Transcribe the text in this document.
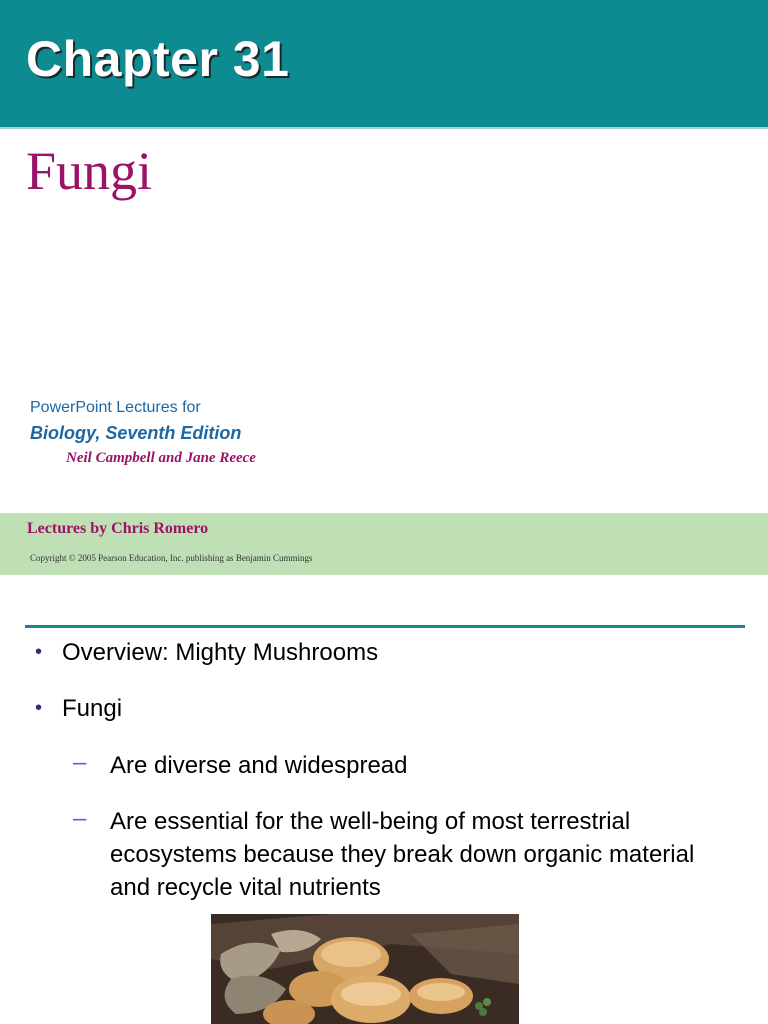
Chapter 31
Fungi
PowerPoint Lectures for
Biology, Seventh Edition
Neil Campbell and Jane Reece
Lectures by Chris Romero
Copyright © 2005 Pearson Education, Inc. publishing as Benjamin Cummings
• Overview: Mighty Mushrooms
• Fungi
– Are diverse and widespread
– Are essential for the well-being of most terrestrial ecosystems because they break down organic material and recycle vital nutrients
